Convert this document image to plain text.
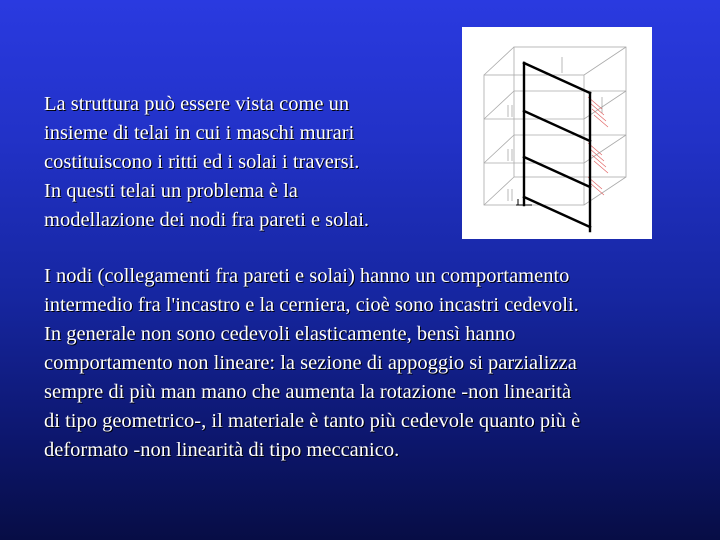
La struttura può essere vista come un
insieme di telai in cui i maschi murari
costituiscono i ritti ed i solai i traversi.
In questi telai un problema è la
modellazione dei nodi fra pareti e solai.

I nodi (collegamenti fra pareti e solai) hanno un comportamento
intermedio fra l'incastro e la cerniera, cioè sono incastri cedevoli.
In generale non sono cedevoli elasticamente, bensì hanno
comportamento non lineare: la sezione di appoggio si parzializza
sempre di più man mano che aumenta la rotazione -non linearità
di tipo geometrico-, il materiale è tanto più cedevole quanto più è
deformato -non linearità di tipo meccanico.
